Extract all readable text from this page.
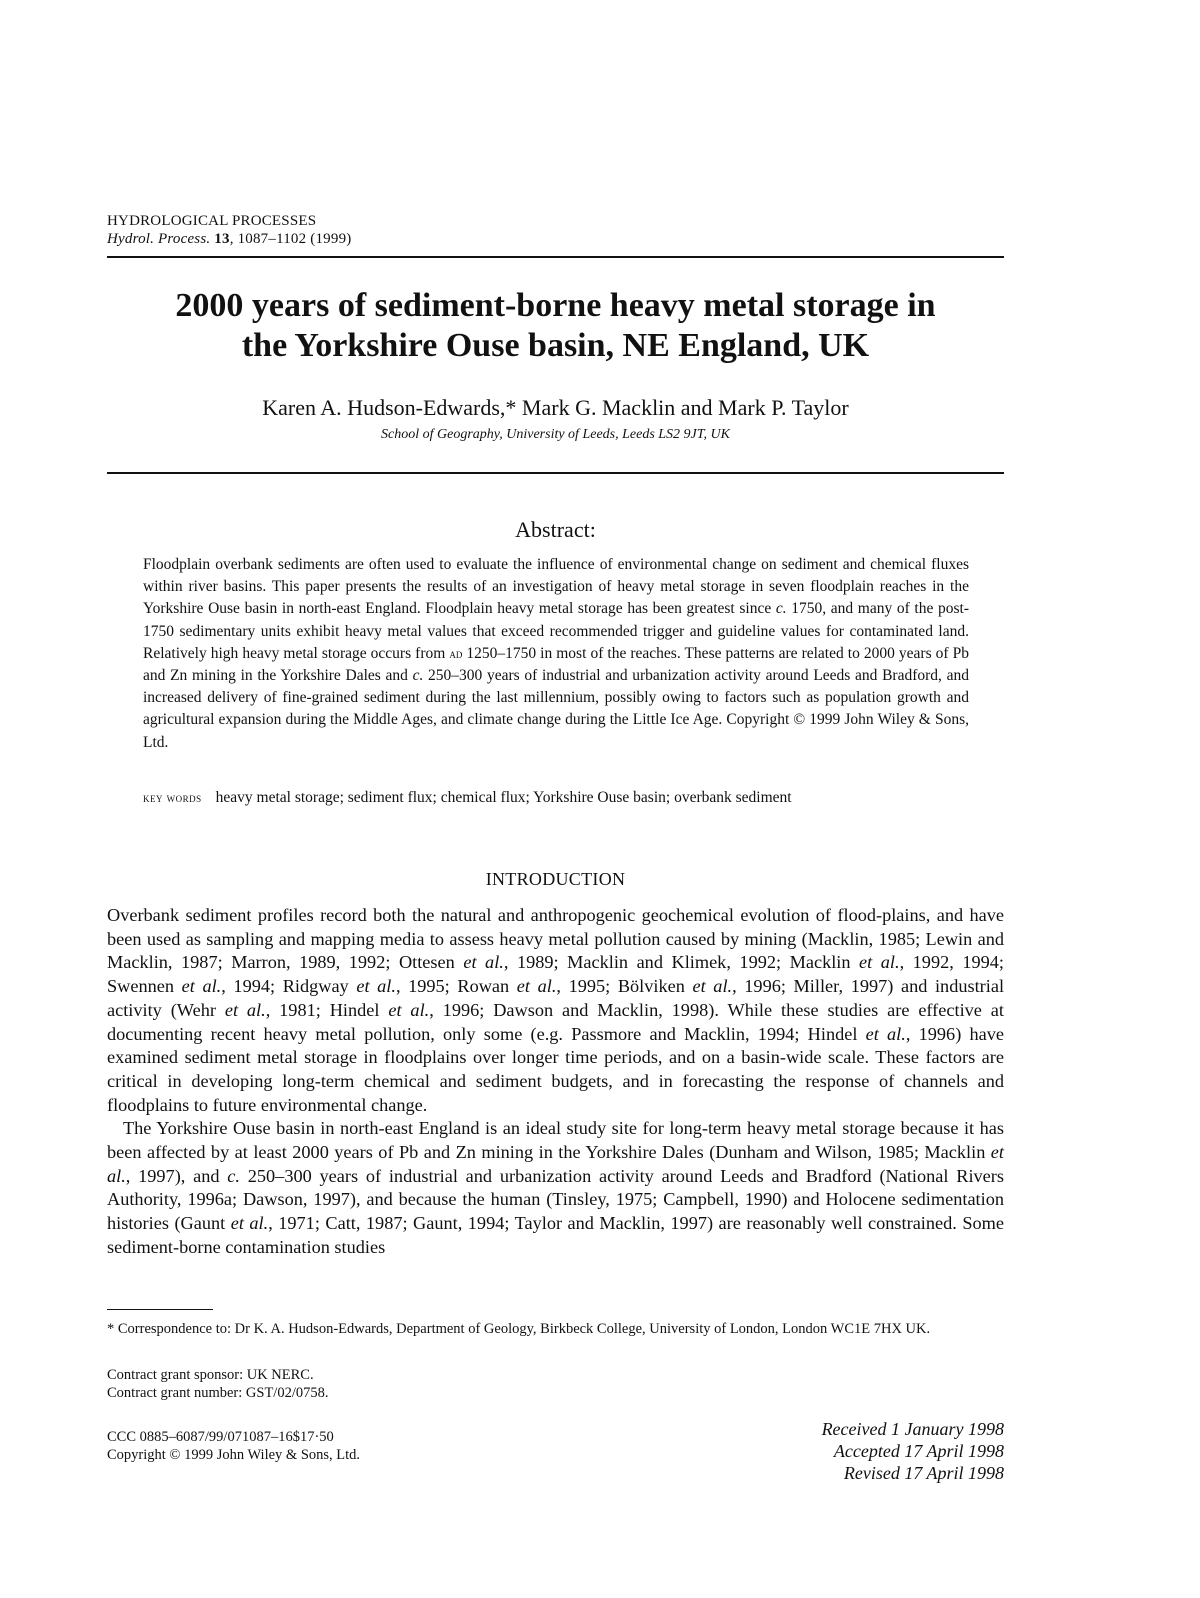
HYDROLOGICAL PROCESSES
Hydrol. Process. 13, 1087–1102 (1999)
2000 years of sediment-borne heavy metal storage in
the Yorkshire Ouse basin, NE England, UK
Karen A. Hudson-Edwards,* Mark G. Macklin and Mark P. Taylor
School of Geography, University of Leeds, Leeds LS2 9JT, UK
Abstract:
Floodplain overbank sediments are often used to evaluate the influence of environmental change on sediment and chemical fluxes within river basins. This paper presents the results of an investigation of heavy metal storage in seven floodplain reaches in the Yorkshire Ouse basin in north-east England. Floodplain heavy metal storage has been greatest since c. 1750, and many of the post-1750 sedimentary units exhibit heavy metal values that exceed recommended trigger and guideline values for contaminated land. Relatively high heavy metal storage occurs from ad 1250–1750 in most of the reaches. These patterns are related to 2000 years of Pb and Zn mining in the Yorkshire Dales and c. 250–300 years of industrial and urbanization activity around Leeds and Bradford, and increased delivery of fine-grained sediment during the last millennium, possibly owing to factors such as population growth and agricultural expansion during the Middle Ages, and climate change during the Little Ice Age. Copyright © 1999 John Wiley & Sons, Ltd.
key words heavy metal storage; sediment flux; chemical flux; Yorkshire Ouse basin; overbank sediment
INTRODUCTION

Overbank sediment profiles record both the natural and anthropogenic geochemical evolution of flood-plains, and have been used as sampling and mapping media to assess heavy metal pollution caused by mining (Macklin, 1985; Lewin and Macklin, 1987; Marron, 1989, 1992; Ottesen et al., 1989; Macklin and Klimek, 1992; Macklin et al., 1992, 1994; Swennen et al., 1994; Ridgway et al., 1995; Rowan et al., 1995; Bölviken et al., 1996; Miller, 1997) and industrial activity (Wehr et al., 1981; Hindel et al., 1996; Dawson and Macklin, 1998). While these studies are effective at documenting recent heavy metal pollution, only some (e.g. Passmore and Macklin, 1994; Hindel et al., 1996) have examined sediment metal storage in floodplains over longer time periods, and on a basin-wide scale. These factors are critical in developing long-term chemical and sediment budgets, and in forecasting the response of channels and floodplains to future environmental change.

The Yorkshire Ouse basin in north-east England is an ideal study site for long-term heavy metal storage because it has been affected by at least 2000 years of Pb and Zn mining in the Yorkshire Dales (Dunham and Wilson, 1985; Macklin et al., 1997), and c. 250–300 years of industrial and urbanization activity around Leeds and Bradford (National Rivers Authority, 1996a; Dawson, 1997), and because the human (Tinsley, 1975; Campbell, 1990) and Holocene sedimentation histories (Gaunt et al., 1971; Catt, 1987; Gaunt, 1994; Taylor and Macklin, 1997) are reasonably well constrained. Some sediment-borne contamination studies

* Correspondence to: Dr K. A. Hudson-Edwards, Department of Geology, Birkbeck College, University of London, London WC1E 7HX UK.
Contract grant sponsor: UK NERC.
Contract grant number: GST/02/0758.
CCC 0885–6087/99/071087–16$17·50
Copyright © 1999 John Wiley & Sons, Ltd.
Received 1 January 1998
Accepted 17 April 1998
Revised 17 April 1998
